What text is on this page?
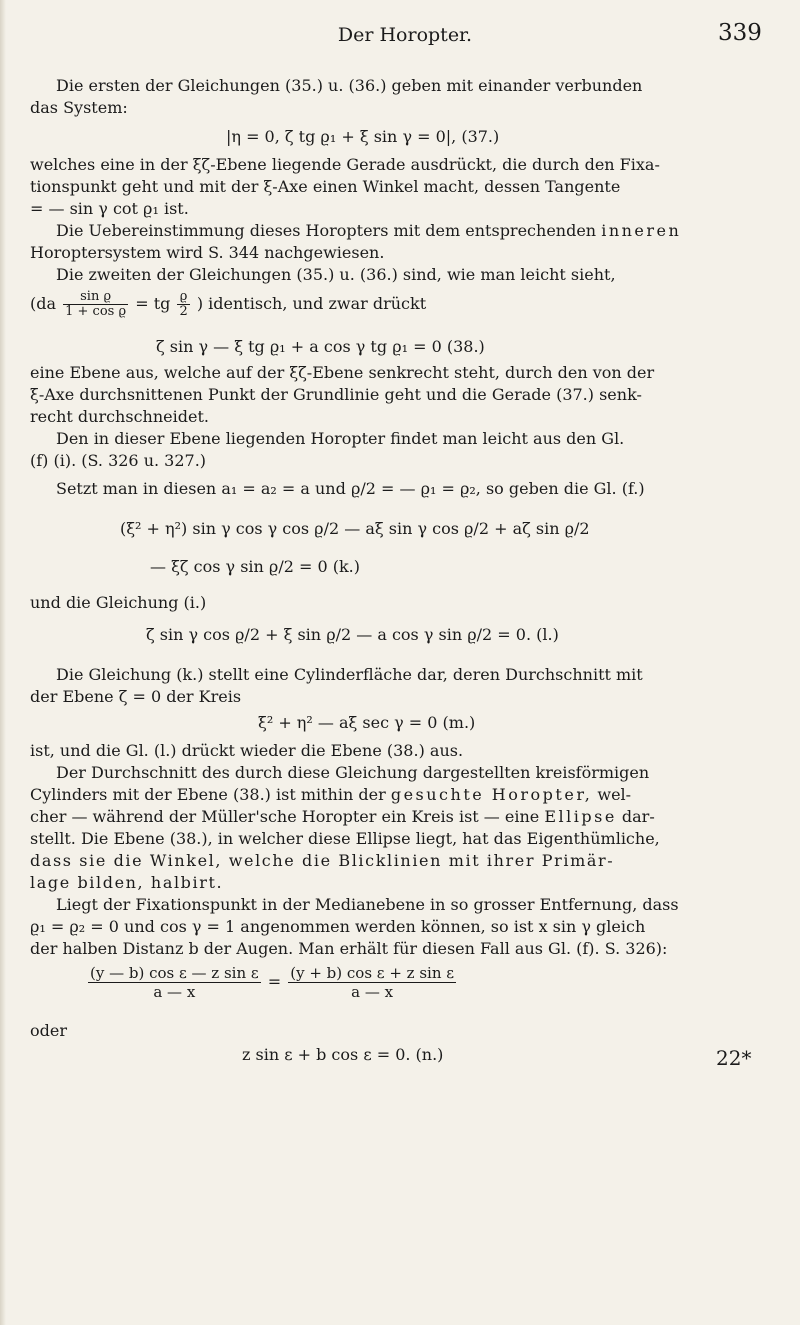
Der Horopter.	339
Die ersten der Gleichungen (35.) u. (36.) geben mit einander verbunden
das System:
|η = 0, ζ tg ϱ₁ + ξ sin γ = 0|, (37.)
welches eine in der ξζ-Ebene liegende Gerade ausdrückt, die durch den Fixa-
tionspunkt geht und mit der ξ-Axe einen Winkel macht, dessen Tangente
= — sin γ cot ϱ₁ ist.
Die Uebereinstimmung dieses Horopters mit dem entsprechenden inneren
Horoptersystem wird S. 344 nachgewiesen.
Die zweiten der Gleichungen (35.) u. (36.) sind, wie man leicht sieht,
($da \frac{\text{sin ϱ}}{\text{1 + cos ϱ}}$ = tg $\frac{ϱ}{2}$ ) identisch, und zwar drückt
ζ sin γ — ξ tg ϱ₁ + a cos γ tg ϱ₁ = 0 (38.)
eine Ebene aus, welche auf der ξζ-Ebene senkrecht steht, durch den von der
ξ-Axe durchsnittenen Punkt der Grundlinie geht und die Gerade (37.) senk-
recht durchschneidet.
Den in dieser Ebene liegenden Horopter findet man leicht aus den Gl.
(f) (i). (S. 326 u. 327.)
Setzt man in diesen a₁ = a₂ = a und ϱ/2 = — ϱ₁ = ϱ₂, so geben die Gl. (f.)
(ξ² + η²) sin γ cos γ cos ϱ/2 — aξ sin γ cos ϱ/2 + aζ sin ϱ/2
— ξζ cos γ sin ϱ/2 = 0 (k.)
und die Gleichung (i.)
ζ sin γ cos ϱ/2 + ξ sin ϱ/2 — a cos γ sin ϱ/2 = 0. (l.)
Die Gleichung (k.) stellt eine Cylinderfläche dar, deren Durchschnitt mit
der Ebene ζ = 0 der Kreis
ξ² + η² — aξ sec γ = 0 (m.)
ist, und die Gl. (l.) drückt wieder die Ebene (38.) aus.
Der Durchschnitt des durch diese Gleichung dargestellten kreisförmigen
Cylinders mit der Ebene (38.) ist mithin der gesuchte Horopter, wel-
cher — während der Müller'sche Horopter ein Kreis ist — eine Ellipse dar-
stellt. Die Ebene (38.), in welcher diese Ellipse liegt, hat das Eigenthümliche,
dass sie die Winkel, welche die Blicklinien mit ihrer Primär-
lage bilden, halbirt.
Liegt der Fixationspunkt in der Medianebene in so grosser Entfernung, dass
ϱ₁ = ϱ₂ = 0 und cos γ = 1 angenommen werden können, so ist x sin γ gleich
der halben Distanz b der Augen. Man erhält für diesen Fall aus Gl. (f). S. 326):
$\frac{\text{(y — b) cos ε — z sin ε}}{a — x} = \frac{\text{(y + b) cos ε + z sin ε}}{a — x}$
oder
z sin ε + b cos ε = 0. (n.)	22*
